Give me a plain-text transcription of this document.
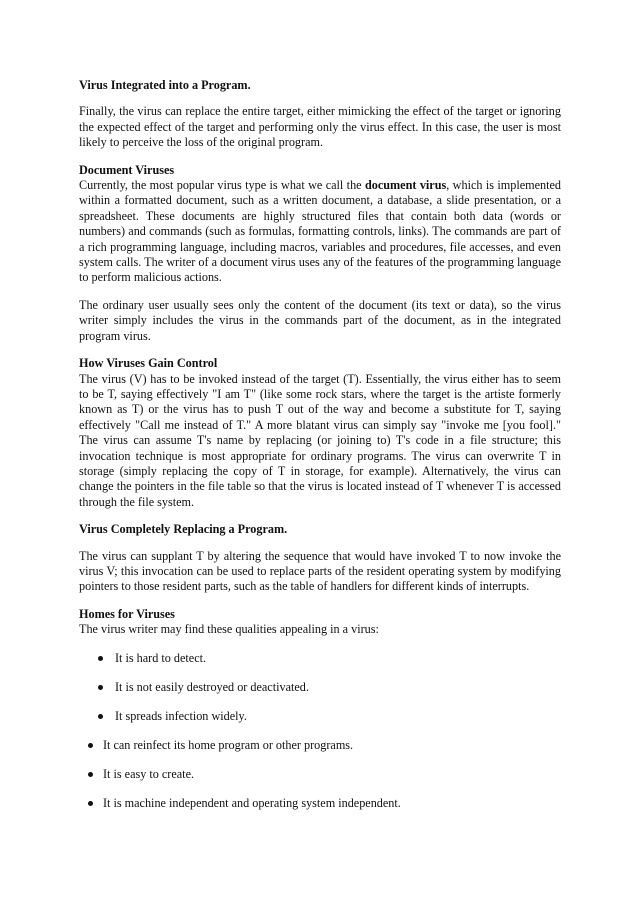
Virus Integrated into a Program.

Finally, the virus can replace the entire target, either mimicking the effect of the target or ignoring the expected effect of the target and performing only the virus effect. In this case, the user is most likely to perceive the loss of the original program.

Document Viruses

Currently, the most popular virus type is what we call the document virus, which is implemented within a formatted document, such as a written document, a database, a slide presentation, or a spreadsheet. These documents are highly structured files that contain both data (words or numbers) and commands (such as formulas, formatting controls, links). The commands are part of a rich programming language, including macros, variables and procedures, file accesses, and even system calls. The writer of a document virus uses any of the features of the programming language to perform malicious actions.

The ordinary user usually sees only the content of the document (its text or data), so the virus writer simply includes the virus in the commands part of the document, as in the integrated program virus.

How Viruses Gain Control

The virus (V) has to be invoked instead of the target (T). Essentially, the virus either has to seem to be T, saying effectively "I am T" (like some rock stars, where the target is the artiste formerly known as T) or the virus has to push T out of the way and become a substitute for T, saying effectively "Call me instead of T." A more blatant virus can simply say "invoke me [you fool]." The virus can assume T's name by replacing (or joining to) T's code in a file structure; this invocation technique is most appropriate for ordinary programs. The virus can overwrite T in storage (simply replacing the copy of T in storage, for example). Alternatively, the virus can change the pointers in the file table so that the virus is located instead of T whenever T is accessed through the file system.

Virus Completely Replacing a Program.

The virus can supplant T by altering the sequence that would have invoked T to now invoke the virus V; this invocation can be used to replace parts of the resident operating system by modifying pointers to those resident parts, such as the table of handlers for different kinds of interrupts.

Homes for Viruses

The virus writer may find these qualities appealing in a virus:

It is hard to detect.
It is not easily destroyed or deactivated.
It spreads infection widely.
It can reinfect its home program or other programs.
It is easy to create.
It is machine independent and operating system independent.
